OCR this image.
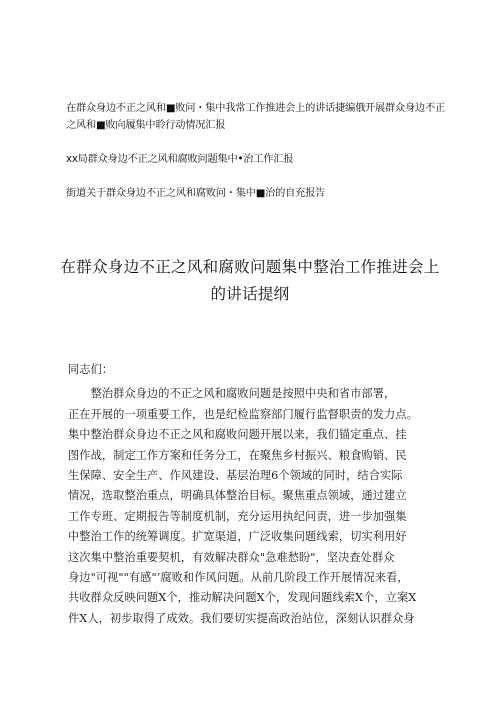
在群众身边不正之风和■败问・集中我常工作推进会上的讲话捷编俄开展群众身边不正之风和■败向履集中聆行动情况汇报
xx局群众身边不正之风和腐败问题集中•治工作汇报
街道关于群众身边不正之风和腐败问・集中■治的自充报告
在群众身边不正之风和腐败问题集中整治工作推进会上
的讲话提纲
同志们：
　　整治群众身边的不正之风和腐败问题是按照中央和省市部署，
正在开展的一项重要工作，也是纪检监察部门履行监督职责的发力点。
集中整治群众身边不正之风和腐败问题开展以来，我们锚定重点、挂
图作战，制定工作方案和任务分工，在聚焦乡村振兴、粮食购销、民
生保障、安全生产、作风建设、基层治理6个领域的同时，结合实际
情况，选取整治重点，明确具体整治目标。聚焦重点领域，通过建立
工作专班、定期报告等制度机制，充分运用执纪问责，进一步加强集
中整治工作的统筹调度。扩宽渠道，广泛收集问题线索，切实利用好
这次集中整治重要契机，有效解决群众"急难愁盼"，坚决查处群众
身边"可视""有感"’腐败和作风问题。从前几阶段工作开展情况来看，
共收群众反映问题X个，推动解决问题X个，发现问题线索X个，立案X
件X人，初步取得了成效。我们要切实提高政治站位，深刻认识群众身
